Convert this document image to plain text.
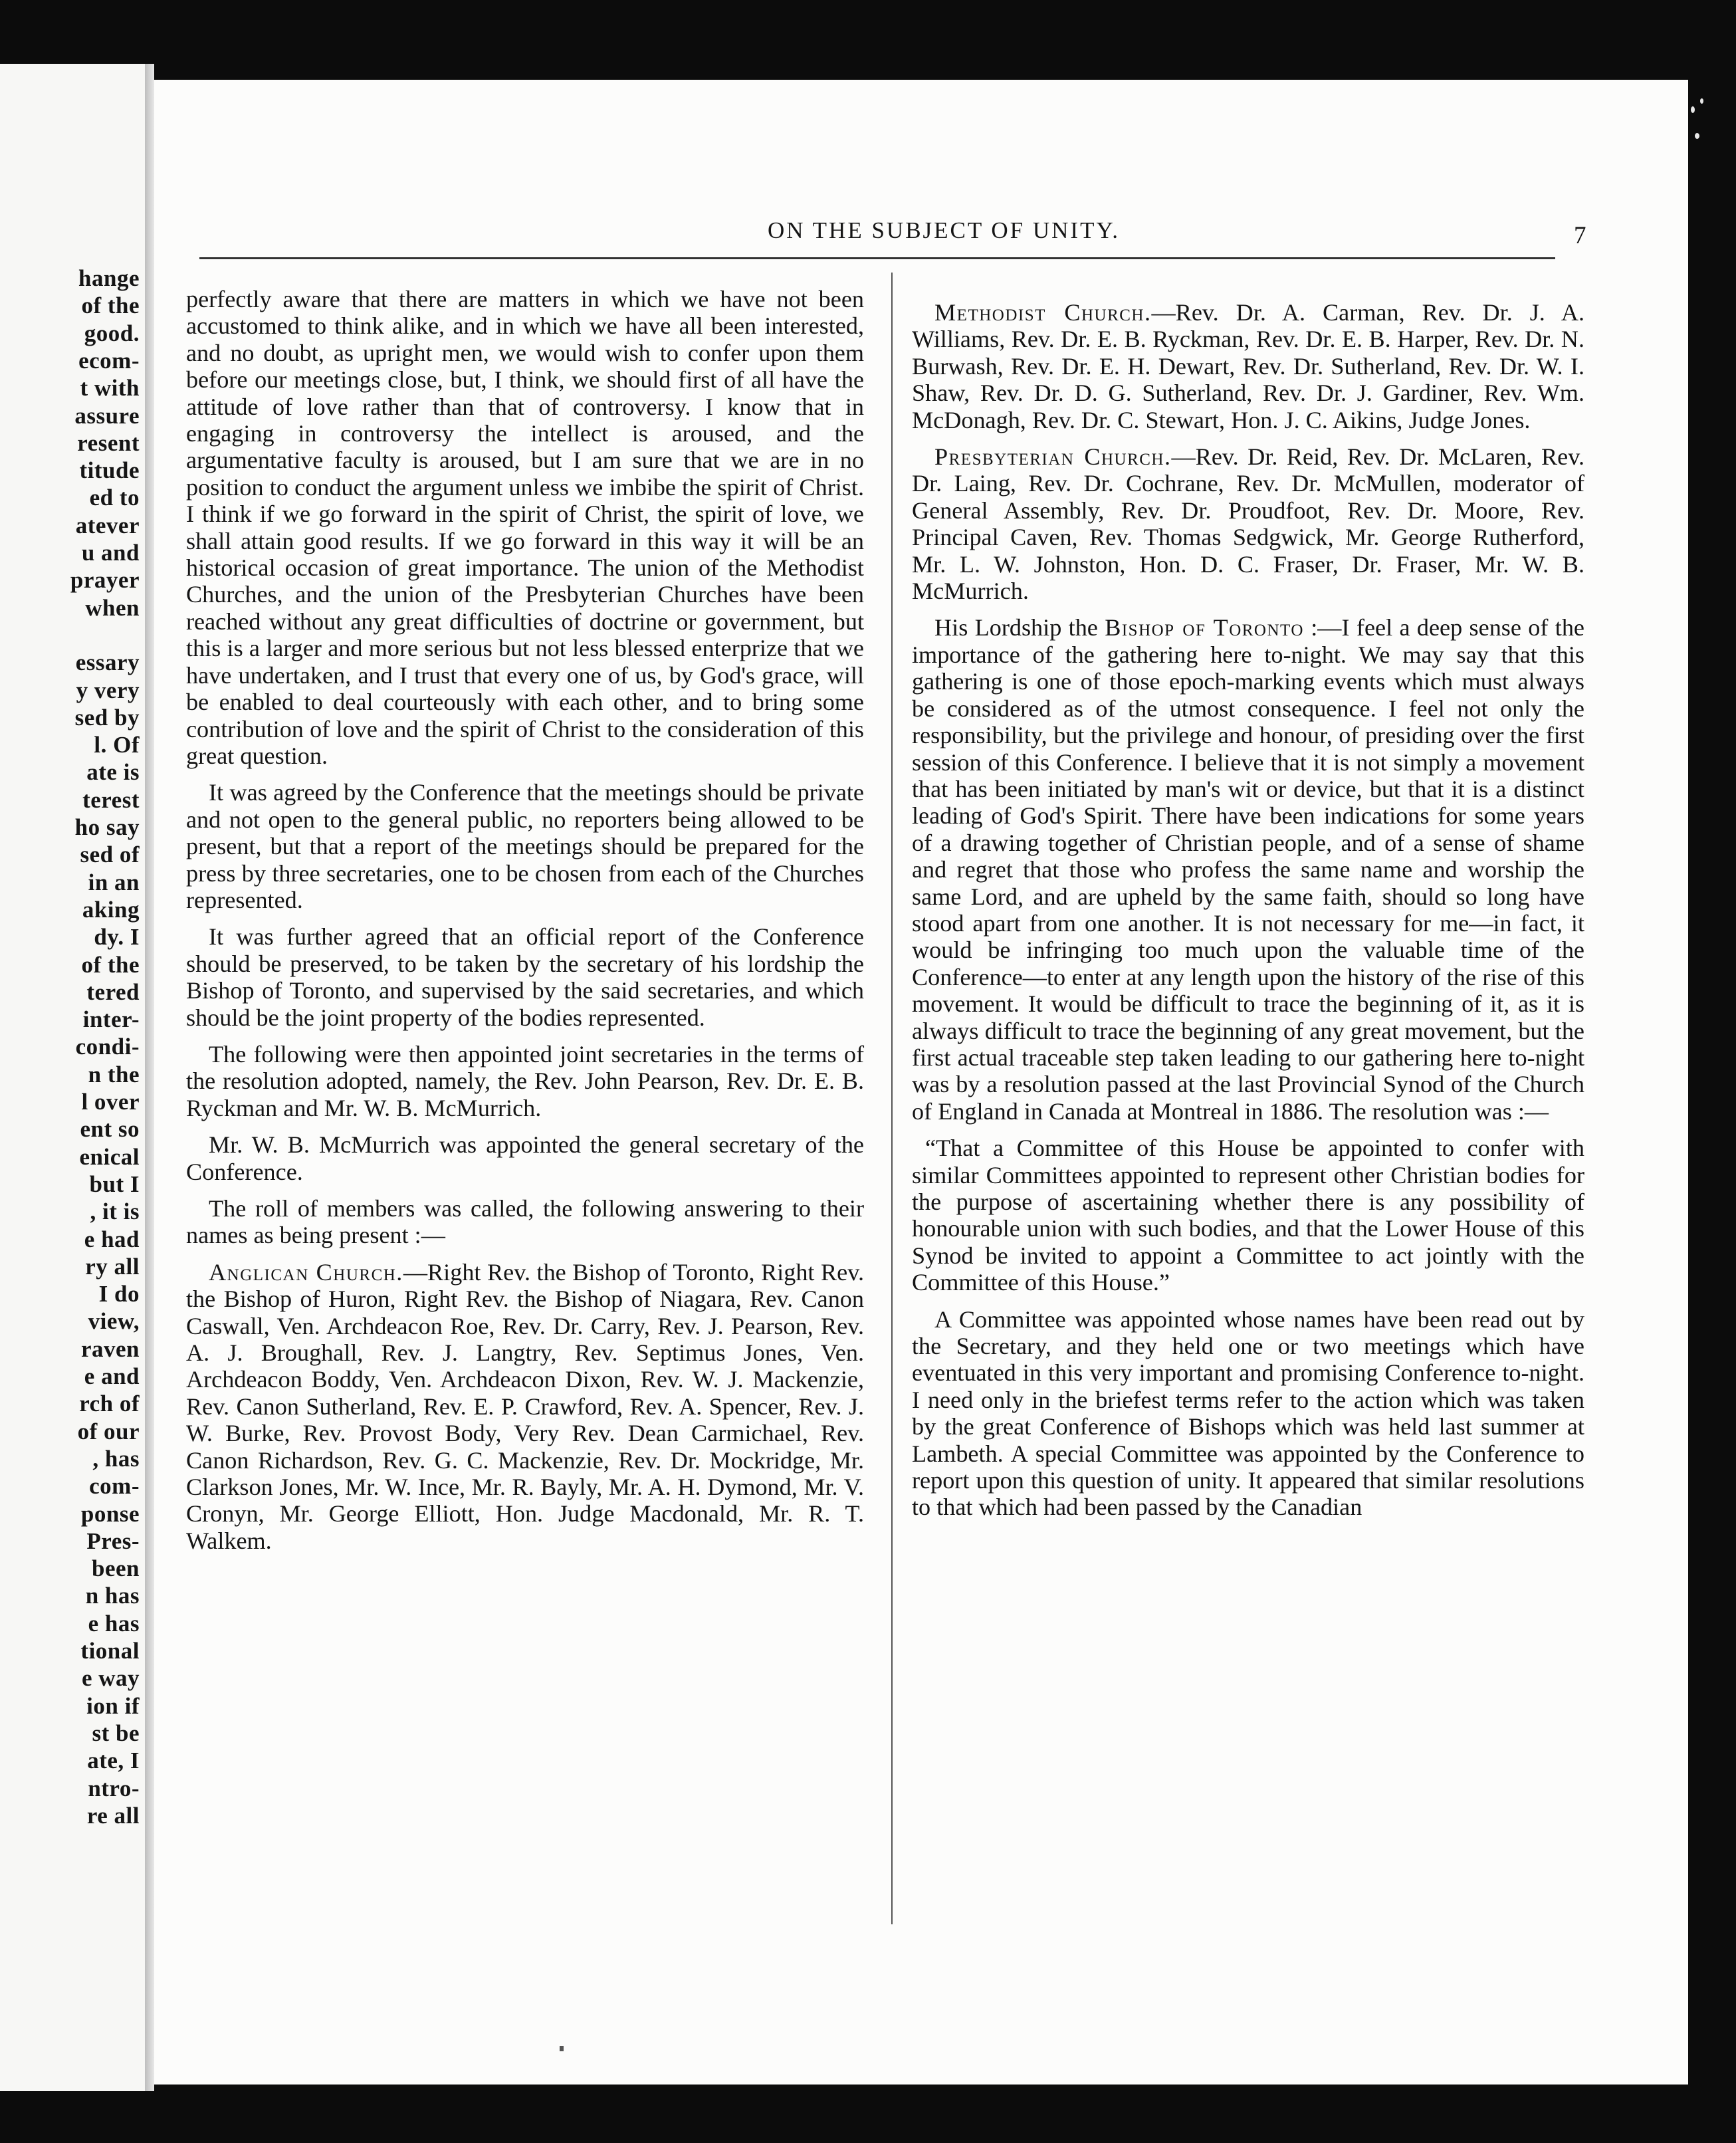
hange
of the
good.
ecom-
t with
assure
resent
titude
ed to
atever
u and
prayer
when
essary
y very
sed by
l. Of
ate is
terest
ho say
sed of
in an
aking
dy. I
of the
tered
inter-
condi-
n the
l over
ent so
enical
but I
, it is
e had
ry all
I do
view,
raven
e and
rch of
of our
, has
com-
ponse
Pres-
been
n has
e has
tional
e way
ion if
st be
ate, I
ntro-
re all
ON THE SUBJECT OF UNITY.	7

perfectly aware that there are matters in which we have not been accustomed to think alike, and in which we have all been interested, and no doubt, as upright men, we would wish to confer upon them before our meetings close, but, I think, we should first of all have the attitude of love rather than that of controversy. I know that in engaging in controversy the intellect is aroused, and the argumentative faculty is aroused, but I am sure that we are in no position to conduct the argument unless we imbibe the spirit of Christ. I think if we go forward in the spirit of Christ, the spirit of love, we shall attain good results. If we go forward in this way it will be an historical occasion of great importance. The union of the Methodist Churches, and the union of the Presbyterian Churches have been reached without any great difficulties of doctrine or government, but this is a larger and more serious but not less blessed enterprize that we have undertaken, and I trust that every one of us, by God's grace, will be enabled to deal courteously with each other, and to bring some contribution of love and the spirit of Christ to the consideration of this great question.

It was agreed by the Conference that the meetings should be private and not open to the general public, no reporters being allowed to be present, but that a report of the meetings should be prepared for the press by three secretaries, one to be chosen from each of the Churches represented.

It was further agreed that an official report of the Conference should be preserved, to be taken by the secretary of his lordship the Bishop of Toronto, and supervised by the said secretaries, and which should be the joint property of the bodies represented.

The following were then appointed joint secretaries in the terms of the resolution adopted, namely, the Rev. John Pearson, Rev. Dr. E. B. Ryckman and Mr. W. B. McMurrich.

Mr. W. B. McMurrich was appointed the general secretary of the Conference.

The roll of members was called, the following answering to their names as being present :—

Anglican Church.—Right Rev. the Bishop of Toronto, Right Rev. the Bishop of Huron, Right Rev. the Bishop of Niagara, Rev. Canon Caswall, Ven. Archdeacon Roe, Rev. Dr. Carry, Rev. J. Pearson, Rev. A. J. Broughall, Rev. J. Langtry, Rev. Septimus Jones, Ven. Archdeacon Boddy, Ven. Archdeacon Dixon, Rev. W. J. Mackenzie, Rev. Canon Sutherland, Rev. E. P. Crawford, Rev. A. Spencer, Rev. J. W. Burke, Rev. Provost Body, Very Rev. Dean Carmichael, Rev. Canon Richardson, Rev. G. C. Mackenzie, Rev. Dr. Mockridge, Mr. Clarkson Jones, Mr. W. Ince, Mr. R. Bayly, Mr. A. H. Dymond, Mr. V. Cronyn, Mr. George Elliott, Hon. Judge Macdonald, Mr. R. T. Walkem.

Methodist Church.—Rev. Dr. A. Carman, Rev. Dr. J. A. Williams, Rev. Dr. E. B. Ryckman, Rev. Dr. E. B. Harper, Rev. Dr. N. Burwash, Rev. Dr. E. H. Dewart, Rev. Dr. Sutherland, Rev. Dr. W. I. Shaw, Rev. Dr. D. G. Sutherland, Rev. Dr. J. Gardiner, Rev. Wm. McDonagh, Rev. Dr. C. Stewart, Hon. J. C. Aikins, Judge Jones.

Presbyterian Church.—Rev. Dr. Reid, Rev. Dr. McLaren, Rev. Dr. Laing, Rev. Dr. Cochrane, Rev. Dr. McMullen, moderator of General Assembly, Rev. Dr. Proudfoot, Rev. Dr. Moore, Rev. Principal Caven, Rev. Thomas Sedgwick, Mr. George Rutherford, Mr. L. W. Johnston, Hon. D. C. Fraser, Dr. Fraser, Mr. W. B. McMurrich.

His Lordship the Bishop of Toronto :—I feel a deep sense of the importance of the gathering here to-night. We may say that this gathering is one of those epoch-marking events which must always be considered as of the utmost consequence. I feel not only the responsibility, but the privilege and honour, of presiding over the first session of this Conference. I believe that it is not simply a movement that has been initiated by man's wit or device, but that it is a distinct leading of God's Spirit. There have been indications for some years of a drawing together of Christian people, and of a sense of shame and regret that those who profess the same name and worship the same Lord, and are upheld by the same faith, should so long have stood apart from one another. It is not necessary for me—in fact, it would be infringing too much upon the valuable time of the Conference—to enter at any length upon the history of the rise of this movement. It would be difficult to trace the beginning of it, as it is always difficult to trace the beginning of any great movement, but the first actual traceable step taken leading to our gathering here to-night was by a resolution passed at the last Provincial Synod of the Church of England in Canada at Montreal in 1886. The resolution was :—

“That a Committee of this House be appointed to confer with similar Committees appointed to represent other Christian bodies for the purpose of ascertaining whether there is any possibility of honourable union with such bodies, and that the Lower House of this Synod be invited to appoint a Committee to act jointly with the Committee of this House.”

A Committee was appointed whose names have been read out by the Secretary, and they held one or two meetings which have eventuated in this very important and promising Conference to-night. I need only in the briefest terms refer to the action which was taken by the great Conference of Bishops which was held last summer at Lambeth. A special Committee was appointed by the Conference to report upon this question of unity. It appeared that similar resolutions to that which had been passed by the Canadian
